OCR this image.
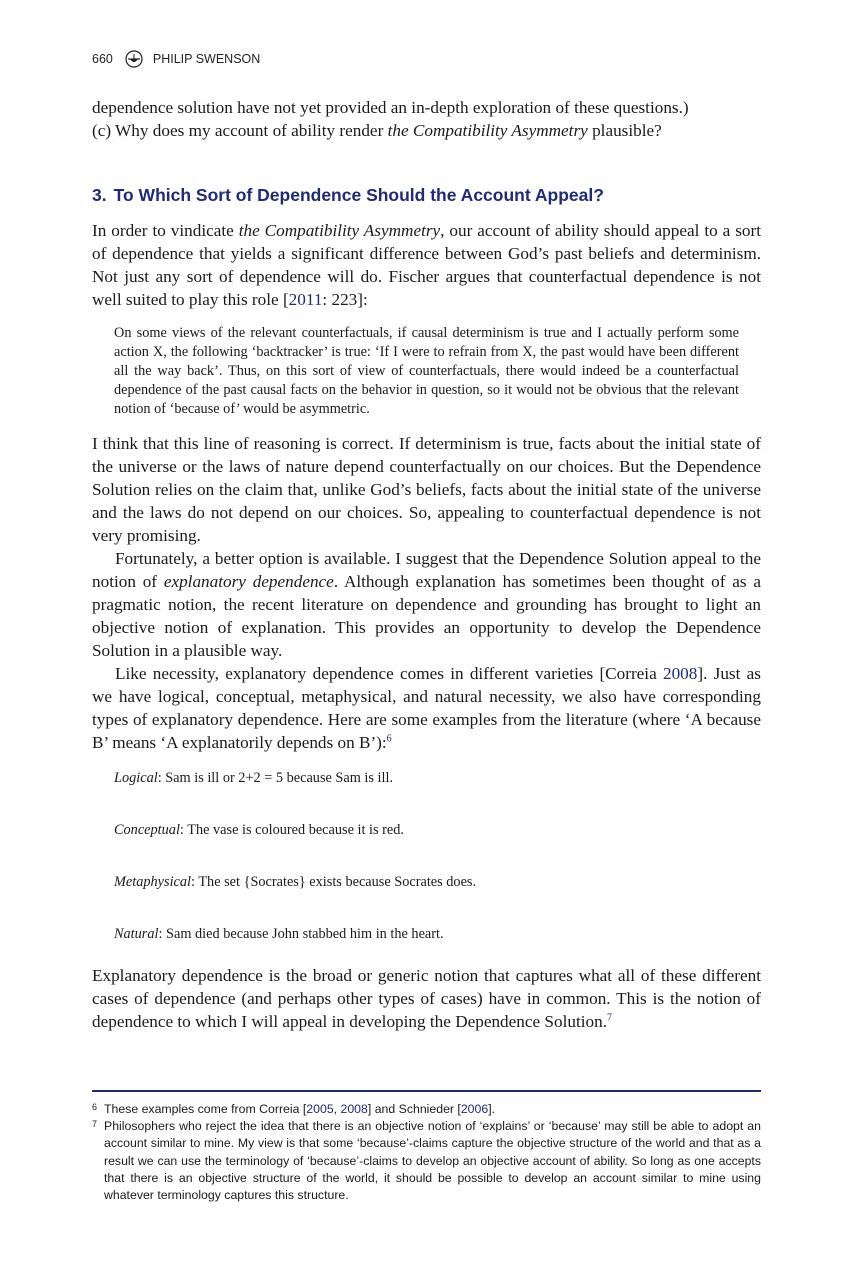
660	PHILIP SWENSON

dependence solution have not yet provided an in-depth exploration of these questions.)
(c) Why does my account of ability render the Compatibility Asymmetry plausible?

3. To Which Sort of Dependence Should the Account Appeal?

In order to vindicate the Compatibility Asymmetry, our account of ability should appeal to a sort of dependence that yields a significant difference between God’s past beliefs and determinism. Not just any sort of dependence will do. Fischer argues that counterfactual dependence is not well suited to play this role [2011: 223]:

On some views of the relevant counterfactuals, if causal determinism is true and I actually perform some action X, the following ‘backtracker’ is true: ‘If I were to refrain from X, the past would have been different all the way back’. Thus, on this sort of view of counterfactuals, there would indeed be a counterfactual dependence of the past causal facts on the behavior in question, so it would not be obvious that the relevant notion of ‘because of’ would be asymmetric.

I think that this line of reasoning is correct. If determinism is true, facts about the initial state of the universe or the laws of nature depend counterfactually on our choices. But the Dependence Solution relies on the claim that, unlike God’s beliefs, facts about the initial state of the universe and the laws do not depend on our choices. So, appealing to counterfactual dependence is not very promising.

Fortunately, a better option is available. I suggest that the Dependence Solution appeal to the notion of explanatory dependence. Although explanation has sometimes been thought of as a pragmatic notion, the recent literature on dependence and grounding has brought to light an objective notion of explanation. This provides an opportunity to develop the Dependence Solution in a plausible way.

Like necessity, explanatory dependence comes in different varieties [Correia 2008]. Just as we have logical, conceptual, metaphysical, and natural necessity, we also have corresponding types of explanatory dependence. Here are some examples from the literature (where ‘A because B’ means ‘A explanatorily depends on B’):$^6$

Logical: Sam is ill or 2+2 = 5 because Sam is ill.

Conceptual: The vase is coloured because it is red.

Metaphysical: The set {Socrates} exists because Socrates does.

Natural: Sam died because John stabbed him in the heart.

Explanatory dependence is the broad or generic notion that captures what all of these different cases of dependence (and perhaps other types of cases) have in common. This is the notion of dependence to which I will appeal in developing the Dependence Solution.$^7$

6 These examples come from Correia [2005, 2008] and Schnieder [2006].
7 Philosophers who reject the idea that there is an objective notion of ‘explains’ or ‘because’ may still be able to adopt an account similar to mine. My view is that some ‘because’-claims capture the objective structure of the world and that as a result we can use the terminology of ‘because’-claims to develop an objective account of ability. So long as one accepts that there is an objective structure of the world, it should be possible to develop an account similar to mine using whatever terminology captures this structure.
